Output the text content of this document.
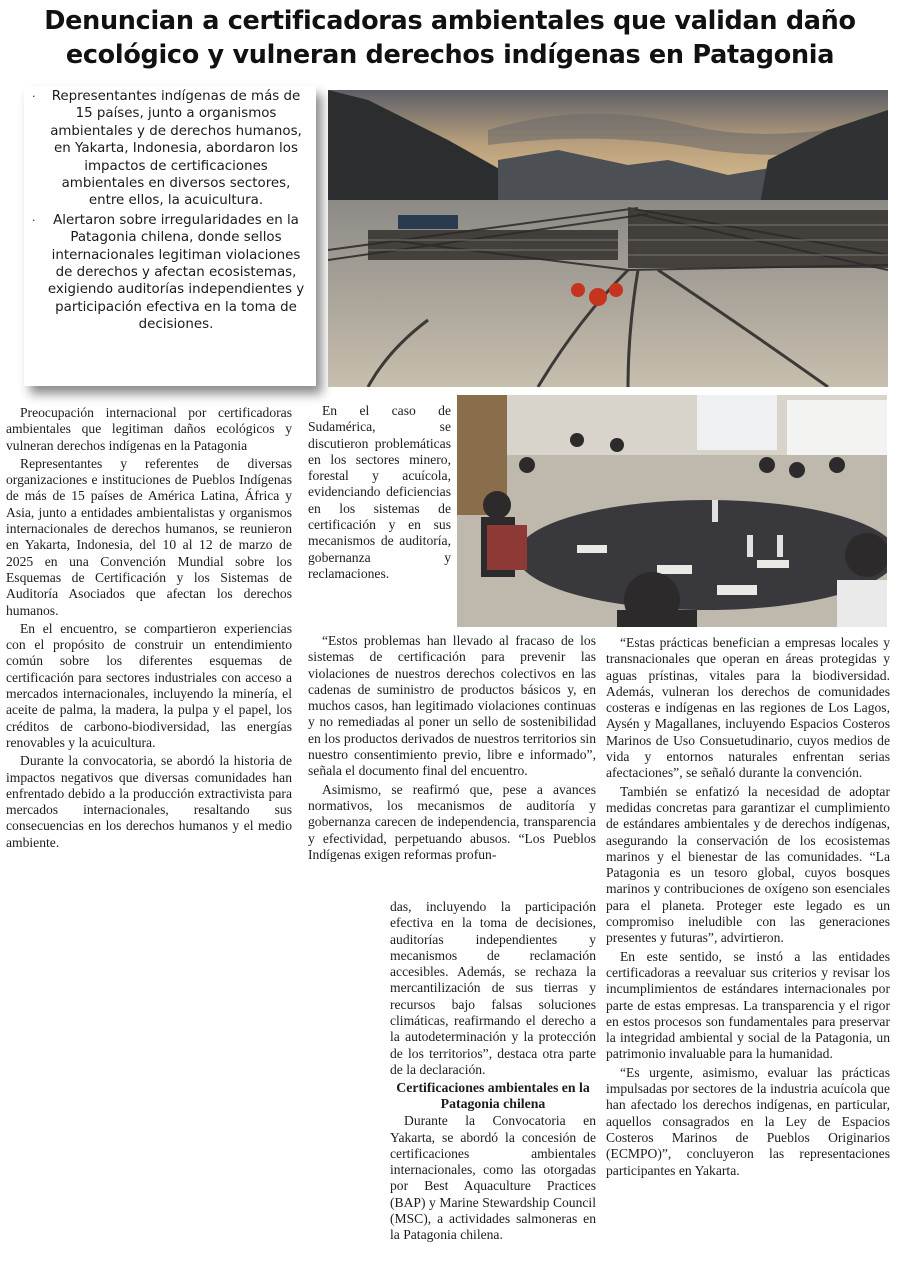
Denuncian a certificadoras ambientales que validan daño ecológico y vulneran derechos indígenas en Patagonia
· Representantes indígenas de más de 15 países, junto a organismos ambientales y de derechos humanos, en Yakarta, Indonesia, abordaron los impactos de certificaciones ambientales en diversos sectores, entre ellos, la acuicultura.
· Alertaron sobre irregularidades en la Patagonia chilena, donde sellos internacionales legitiman violaciones de derechos y afectan ecosistemas, exigiendo auditorías independientes y participación efectiva en la toma de decisiones.

Preocupación internacional por certificadoras ambientales que legitiman daños ecológicos y vulneran derechos indígenas en la Patagonia

Representantes y referentes de diversas organizaciones e instituciones de Pueblos Indígenas de más de 15 países de América Latina, África y Asia, junto a entidades ambientalistas y organismos internacionales de derechos humanos, se reunieron en Yakarta, Indonesia, del 10 al 12 de marzo de 2025 en una Convención Mundial sobre los Esquemas de Certificación y los Sistemas de Auditoría Asociados que afectan los derechos humanos.

En el encuentro, se compartieron experiencias con el propósito de construir un entendimiento común sobre los diferentes esquemas de certificación para sectores industriales con acceso a mercados internacionales, incluyendo la minería, el aceite de palma, la madera, la pulpa y el papel, los créditos de carbono-biodiversidad, las energías renovables y la acuicultura.

Durante la convocatoria, se abordó la historia de impactos negativos que diversas comunidades han enfrentado debido a la producción extractivista para mercados internacionales, resaltando sus consecuencias en los derechos humanos y el medio ambiente.

En el caso de Sudamérica, se discutieron problemáticas en los sectores minero, forestal y acuícola, evidenciando deficiencias en los sistemas de certificación y en sus mecanismos de auditoría, gobernanza y reclamaciones.

“Estos problemas han llevado al fracaso de los sistemas de certificación para prevenir las violaciones de nuestros derechos colectivos en las cadenas de suministro de productos básicos y, en muchos casos, han legitimado violaciones continuas y no remediadas al poner un sello de sostenibilidad en los productos derivados de nuestros territorios sin nuestro consentimiento previo, libre e informado”, señala el documento final del encuentro.

Asimismo, se reafirmó que, pese a avances normativos, los mecanismos de auditoría y gobernanza carecen de independencia, transparencia y efectividad, perpetuando abusos. “Los Pueblos Indígenas exigen reformas profun-

das, incluyendo la participación efectiva en la toma de decisiones, auditorías independientes y mecanismos de reclamación accesibles. Además, se rechaza la mercantilización de sus tierras y recursos bajo falsas soluciones climáticas, reafirmando el derecho a la autodeterminación y la protección de los territorios”, destaca otra parte de la declaración.

Certificaciones ambientales en la Patagonia chilena

Durante la Convocatoria en Yakarta, se abordó la concesión de certificaciones ambientales internacionales, como las otorgadas por Best Aquaculture Practices (BAP) y Marine Stewardship Council (MSC), a actividades salmoneras en la Patagonia chilena.

“Estas prácticas benefician a empresas locales y transnacionales que operan en áreas protegidas y aguas prístinas, vitales para la biodiversidad. Además, vulneran los derechos de comunidades costeras e indígenas en las regiones de Los Lagos, Aysén y Magallanes, incluyendo Espacios Costeros Marinos de Uso Consuetudinario, cuyos medios de vida y entornos naturales enfrentan serias afectaciones”, se señaló durante la convención.

También se enfatizó la necesidad de adoptar medidas concretas para garantizar el cumplimiento de estándares ambientales y de derechos indígenas, asegurando la conservación de los ecosistemas marinos y el bienestar de las comunidades. “La Patagonia es un tesoro global, cuyos bosques marinos y contribuciones de oxígeno son esenciales para el planeta. Proteger este legado es un compromiso ineludible con las generaciones presentes y futuras”, advirtieron.

En este sentido, se instó a las entidades certificadoras a reevaluar sus criterios y revisar los incumplimientos de estándares internacionales por parte de estas empresas. La transparencia y el rigor en estos procesos son fundamentales para preservar la integridad ambiental y social de la Patagonia, un patrimonio invaluable para la humanidad.

“Es urgente, asimismo, evaluar las prácticas impulsadas por sectores de la industria acuícola que han afectado los derechos indígenas, en particular, aquellos consagrados en la Ley de Espacios Costeros Marinos de Pueblos Originarios (ECMPO)”, concluyeron las representaciones participantes en Yakarta.
